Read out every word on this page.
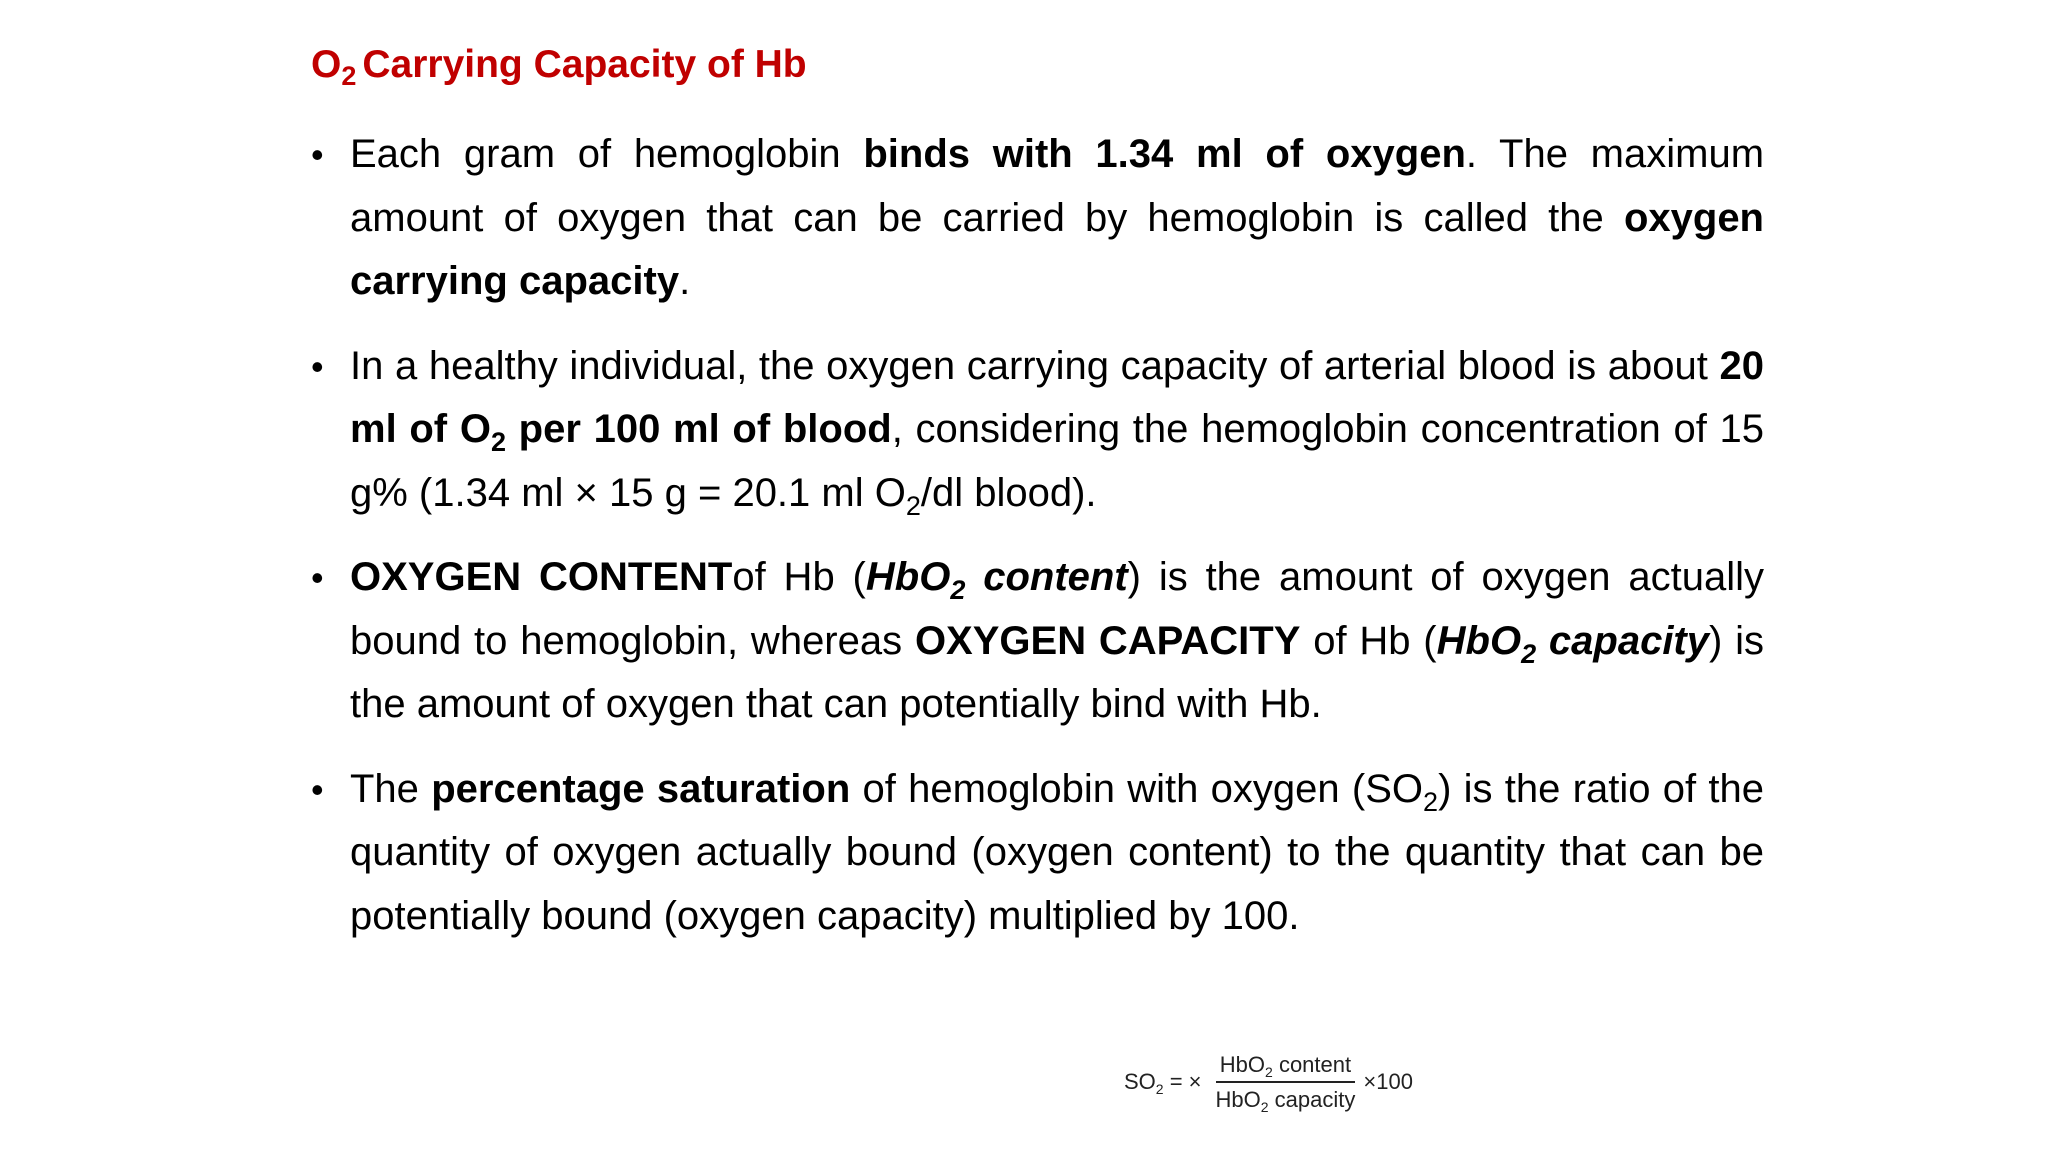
$O_2$ Carrying Capacity of Hb
• Each gram of hemoglobin binds with 1.34 ml of oxygen. The maximum amount of oxygen that can be carried by hemoglobin is called the oxygen carrying capacity.
• In a healthy individual, the oxygen carrying capacity of arterial blood is about 20 ml of $O_2$ per 100 ml of blood, considering the hemoglobin concentration of 15 g% (1.34 ml × 15 g = 20.1 ml $O_2/dl$ blood).
• OXYGEN CONTENTof Hb (HbO$_2$ content) is the amount of oxygen actually bound to hemoglobin, whereas OXYGEN CAPACITY of Hb (HbO$_2$ capacity) is the amount of oxygen that can potentially bind with Hb.
• The percentage saturation of hemoglobin with oxygen $(SO_2)$ is the ratio of the quantity of oxygen actually bound (oxygen content) to the quantity that can be potentially bound (oxygen capacity) multiplied by 100.
$SO_2$ = × $\frac{HbO_2 content}{HbO_2 capacity} \times 100$
